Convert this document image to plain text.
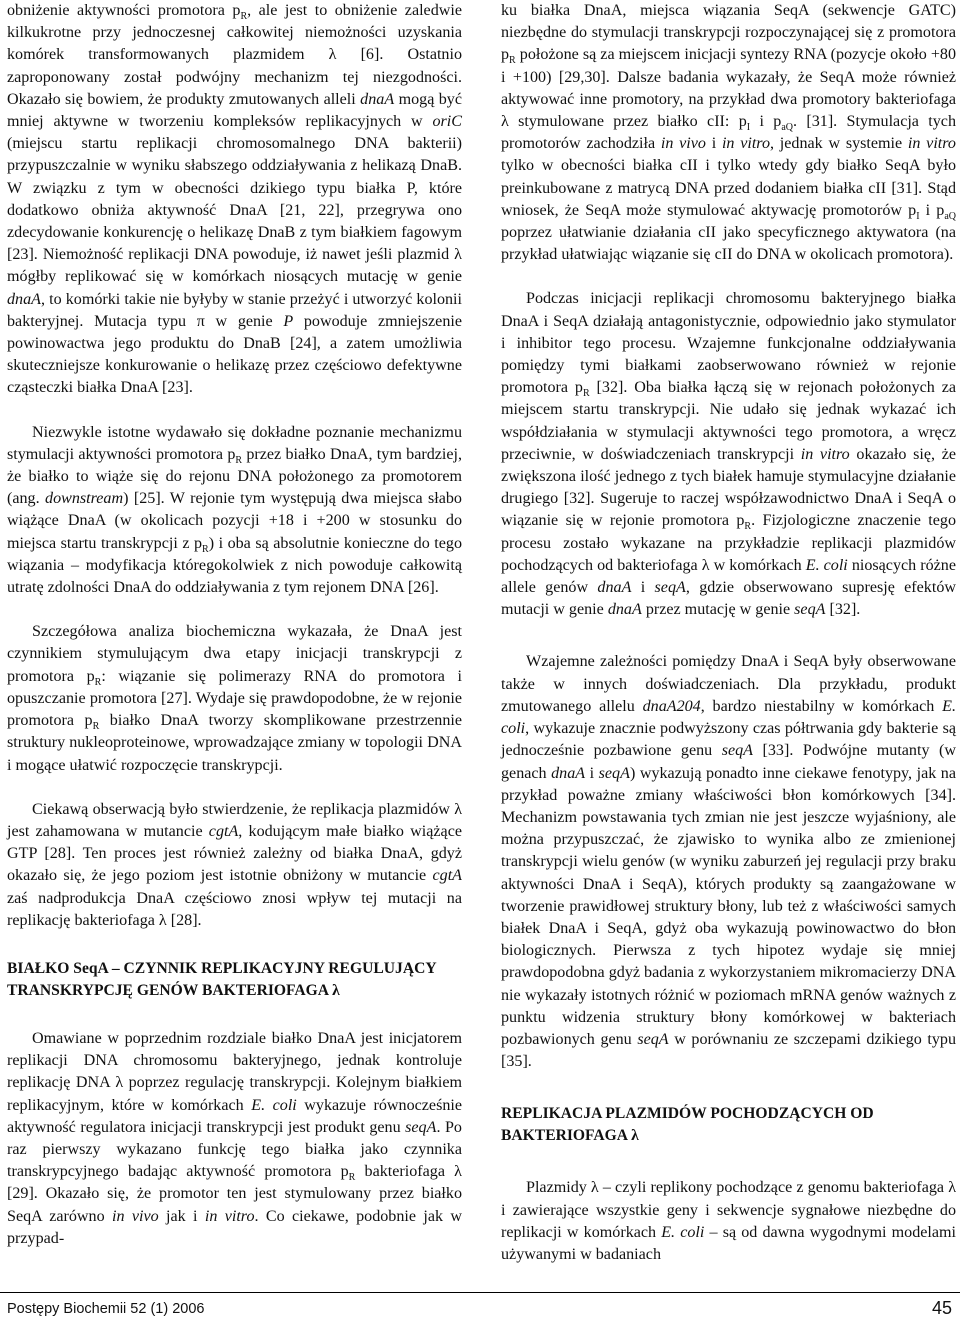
obniżenie aktywności promotora $p_R$, ale jest to obniżenie zaledwie kilkukrotne przy jednoczesnej całkowitej niemożności uzyskania komórek transformowanych plazmidem λ [6]. Ostatnio zaproponowany został podwójny mechanizm tej niezgodności. Okazało się bowiem, że produkty zmutowanych alleli dnaA mogą być mniej aktywne w tworzeniu kompleksów replikacyjnych w oriC (miejscu startu replikacji chromosomalnego DNA bakterii) przypuszczalnie w wyniku słabszego oddziaływania z helikazą DnaB. W związku z tym w obecności dzikiego typu białka P, które dodatkowo obniża aktywność DnaA [21, 22], przegrywa ono zdecydowanie konkurencję o helikazę DnaB z tym białkiem fagowym [23]. Niemożność replikacji DNA powoduje, iż nawet jeśli plazmid λ mógłby replikować się w komórkach niosących mutację w genie dnaA, to komórki takie nie byłyby w stanie przeżyć i utworzyć kolonii bakteryjnej. Mutacja typu π w genie P powoduje zmniejszenie powinowactwa jego produktu do DnaB [24], a zatem umożliwia skuteczniejsze konkurowanie o helikazę przez częściowo defektywne cząsteczki białka DnaA [23].

Niezwykle istotne wydawało się dokładne poznanie mechanizmu stymulacji aktywności promotora $p_R$ przez białko DnaA, tym bardziej, że białko to wiąże się do rejonu DNA położonego za promotorem (ang. downstream) [25]. W rejonie tym występują dwa miejsca słabo wiążące DnaA (w okolicach pozycji +18 i +200 w stosunku do miejsca startu transkrypcji z $p_R$) i oba są absolutnie konieczne do tego wiązania – modyfikacja któregokolwiek z nich powoduje całkowitą utratę zdolności DnaA do oddziaływania z tym rejonem DNA [26].

Szczegółowa analiza biochemiczna wykazała, że DnaA jest czynnikiem stymulującym dwa etapy inicjacji transkrypcji z promotora $p_R$: wiązanie się polimerazy RNA do promotora i opuszczanie promotora [27]. Wydaje się prawdopodobne, że w rejonie promotora $p_R$ białko DnaA tworzy skomplikowane przestrzennie struktury nukleoproteinowe, wprowadzające zmiany w topologii DNA i mogące ułatwić rozpoczęcie transkrypcji.

Ciekawą obserwacją było stwierdzenie, że replikacja plazmidów λ jest zahamowana w mutancie cgtA, kodującym małe białko wiążące GTP [28]. Ten proces jest również zależny od białka DnaA, gdyż okazało się, że jego poziom jest istotnie obniżony w mutancie cgtA zaś nadprodukcja DnaA częściowo znosi wpływ tej mutacji na replikację bakteriofaga λ [28].

BIAŁKO SeqA – CZYNNIK REPLIKACYJNY REGULUJĄCY TRANSKRYPCJĘ GENÓW BAKTERIOFAGA λ

Omawiane w poprzednim rozdziale białko DnaA jest inicjatorem replikacji DNA chromosomu bakteryjnego, jednak kontroluje replikację DNA λ poprzez regulację transkrypcji. Kolejnym białkiem replikacyjnym, które w komórkach E. coli wykazuje równocześnie aktywność regulatora inicjacji transkrypcji jest produkt genu seqA. Po raz pierwszy wykazano funkcję tego białka jako czynnika transkrypcyjnego badając aktywność promotora $p_R$ bakteriofaga λ [29]. Okazało się, że promotor ten jest stymulowany przez białko SeqA zarówno in vivo jak i in vitro. Co ciekawe, podobnie jak w przypad-

ku białka DnaA, miejsca wiązania SeqA (sekwencje GATC) niezbędne do stymulacji transkrypcji rozpoczynającej się z promotora $p_R$ położone są za miejscem inicjacji syntezy RNA (pozycje około +80 i +100) [29,30]. Dalsze badania wykazały, że SeqA może również aktywować inne promotory, na przykład dwa promotory bakteriofaga λ stymulowane przez białko cII: $p_I$ i $p_{aQ}$. [31]. Stymulacja tych promotorów zachodziła in vivo i in vitro, jednak w systemie in vitro tylko w obecności białka cII i tylko wtedy gdy białko SeqA było preinkubowane z matrycą DNA przed dodaniem białka cII [31]. Stąd wniosek, że SeqA może stymulować aktywację promotorów $p_I$ i $p_{aQ}$ poprzez ułatwianie działania cII jako specyficznego aktywatora (na przykład ułatwiając wiązanie się cII do DNA w okolicach promotora).

Podczas inicjacji replikacji chromosomu bakteryjnego białka DnaA i SeqA działają antagonistycznie, odpowiednio jako stymulator i inhibitor tego procesu. Wzajemne funkcjonalne oddziaływania pomiędzy tymi białkami zaobserwowano również w rejonie promotora $p_R$ [32]. Oba białka łączą się w rejonach położonych za miejscem startu transkrypcji. Nie udało się jednak wykazać ich współdziałania w stymulacji aktywności tego promotora, a wręcz przeciwnie, w doświadczeniach transkrypcji in vitro okazało się, że zwiększona ilość jednego z tych białek hamuje stymulacyjne działanie drugiego [32]. Sugeruje to raczej współzawodnictwo DnaA i SeqA o wiązanie się w rejonie promotora $p_R$. Fizjologiczne znaczenie tego procesu zostało wykazane na przykładzie replikacji plazmidów pochodzących od bakteriofaga λ w komórkach E. coli niosących różne allele genów dnaA i seqA, gdzie obserwowano supresję efektów mutacji w genie dnaA przez mutację w genie seqA [32].

Wzajemne zależności pomiędzy DnaA i SeqA były obserwowane także w innych doświadczeniach. Dla przykładu, produkt zmutowanego allelu dnaA204, bardzo niestabilny w komórkach E. coli, wykazuje znacznie podwyższony czas półtrwania gdy bakterie są jednocześnie pozbawione genu seqA [33]. Podwójne mutanty (w genach dnaA i seqA) wykazują ponadto inne ciekawe fenotypy, jak na przykład poważne zmiany właściwości błon komórkowych [34]. Mechanizm powstawania tych zmian nie jest jeszcze wyjaśniony, ale można przypuszczać, że zjawisko to wynika albo ze zmienionej transkrypcji wielu genów (w wyniku zaburzeń jej regulacji przy braku aktywności DnaA i SeqA), których produkty są zaangażowane w tworzenie prawidłowej struktury błony, lub też z właściwości samych białek DnaA i SeqA, gdyż oba wykazują powinowactwo do błon biologicznych. Pierwsza z tych hipotez wydaje się mniej prawdopodobna gdyż badania z wykorzystaniem mikromacierzy DNA nie wykazały istotnych różnić w poziomach mRNA genów ważnych z punktu widzenia struktury błony komórkowej w bakteriach pozbawionych genu seqA w porównaniu ze szczepami dzikiego typu [35].

REPLIKACJA PLAZMIDÓW POCHODZĄCYCH OD BAKTERIOFAGA λ

Plazmidy λ – czyli replikony pochodzące z genomu bakteriofaga λ i zawierające wszystkie geny i sekwencje sygnałowe niezbędne do replikacji w komórkach E. coli – są od dawna wygodnymi modelami używanymi w badaniach

Postępy Biochemii 52 (1) 2006	45
